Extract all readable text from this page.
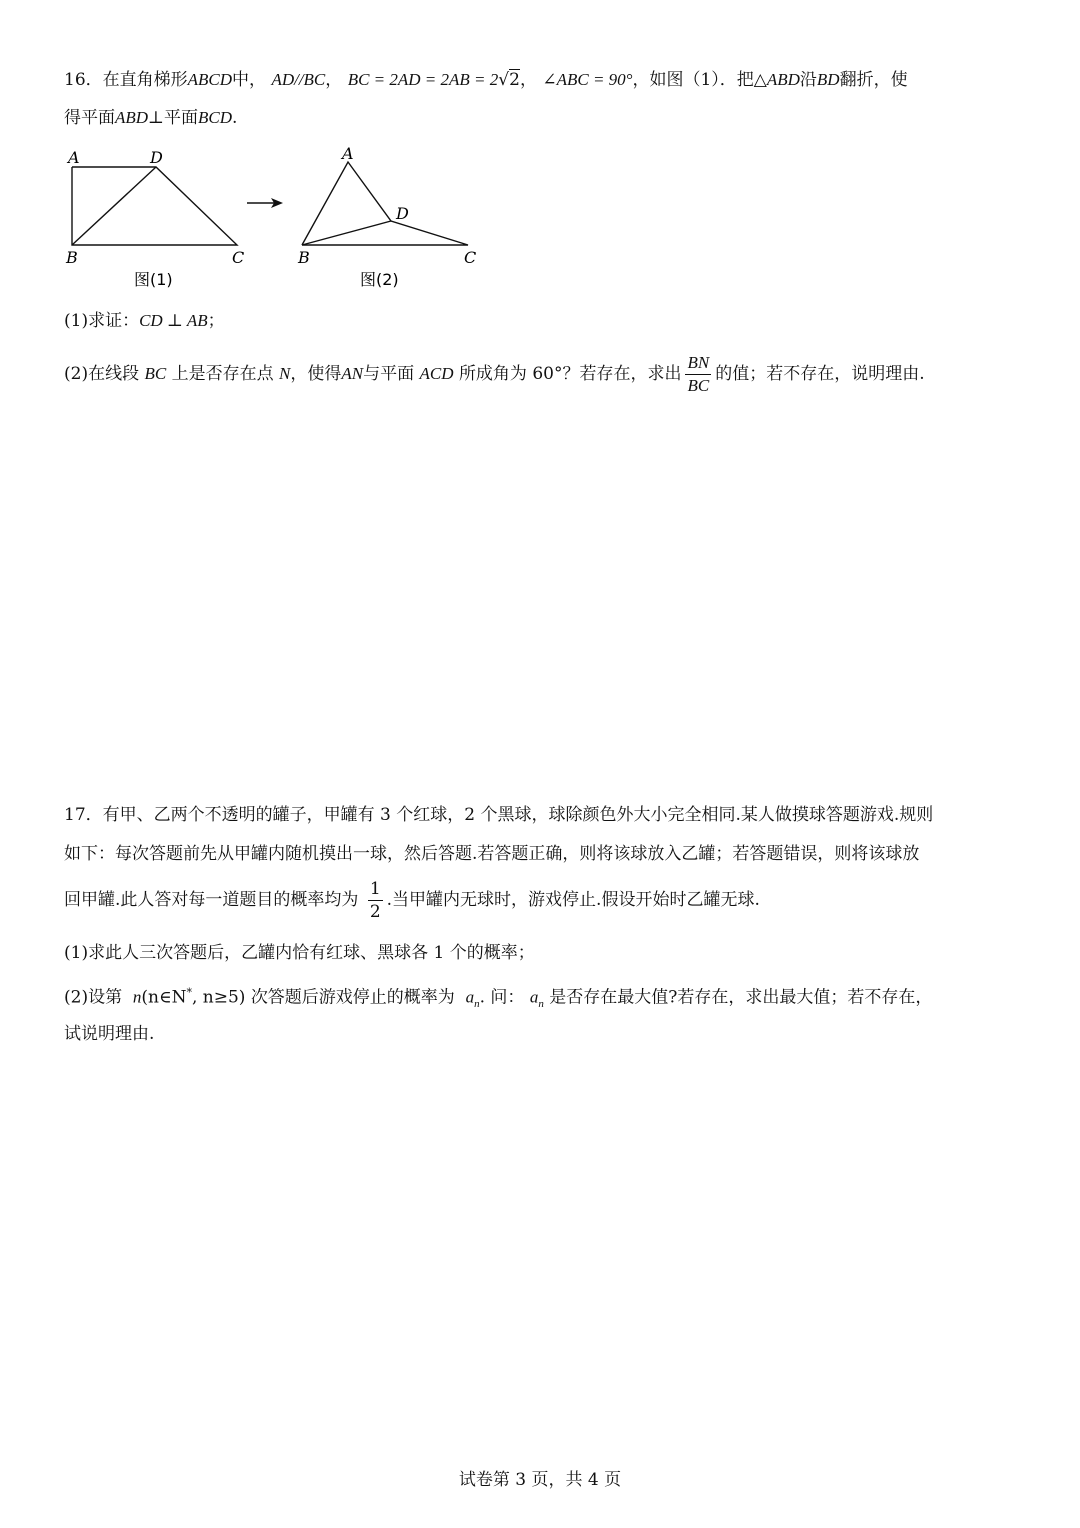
16．在直角梯形ABCD中， AD//BC， BC = 2AD = 2AB = 2√2， ∠ABC = 90°，如图（1）．把△ABD沿BD翻折，使
得平面ABD⊥平面BCD.
A	D
B	C
图(1)
A
D
B	C
图(2)
(1)求证：CD ⊥ AB；
(2)在线段 BC 上是否存在点 N，使得AN与平面 ACD 所成角为 60°？若存在，求出 $\frac{BN}{BC}$ 的值；若不存在，说明理由.
17．有甲、乙两个不透明的罐子，甲罐有 3 个红球，2 个黑球，球除颜色外大小完全相同.某人做摸球答题游戏.规则
如下：每次答题前先从甲罐内随机摸出一球，然后答题.若答题正确，则将该球放入乙罐；若答题错误，则将该球放
回甲罐.此人答对每一道题目的概率均为 $\frac{1}{2}$ .当甲罐内无球时，游戏停止.假设开始时乙罐无球.
(1)求此人三次答题后，乙罐内恰有红球、黑球各 1 个的概率；
(2)设第 n(n∈N*, n≥5) 次答题后游戏停止的概率为 $a_n$. 问： $a_n$ 是否存在最大值?若存在，求出最大值；若不存在，
试说明理由.
试卷第 3 页，共 4 页
